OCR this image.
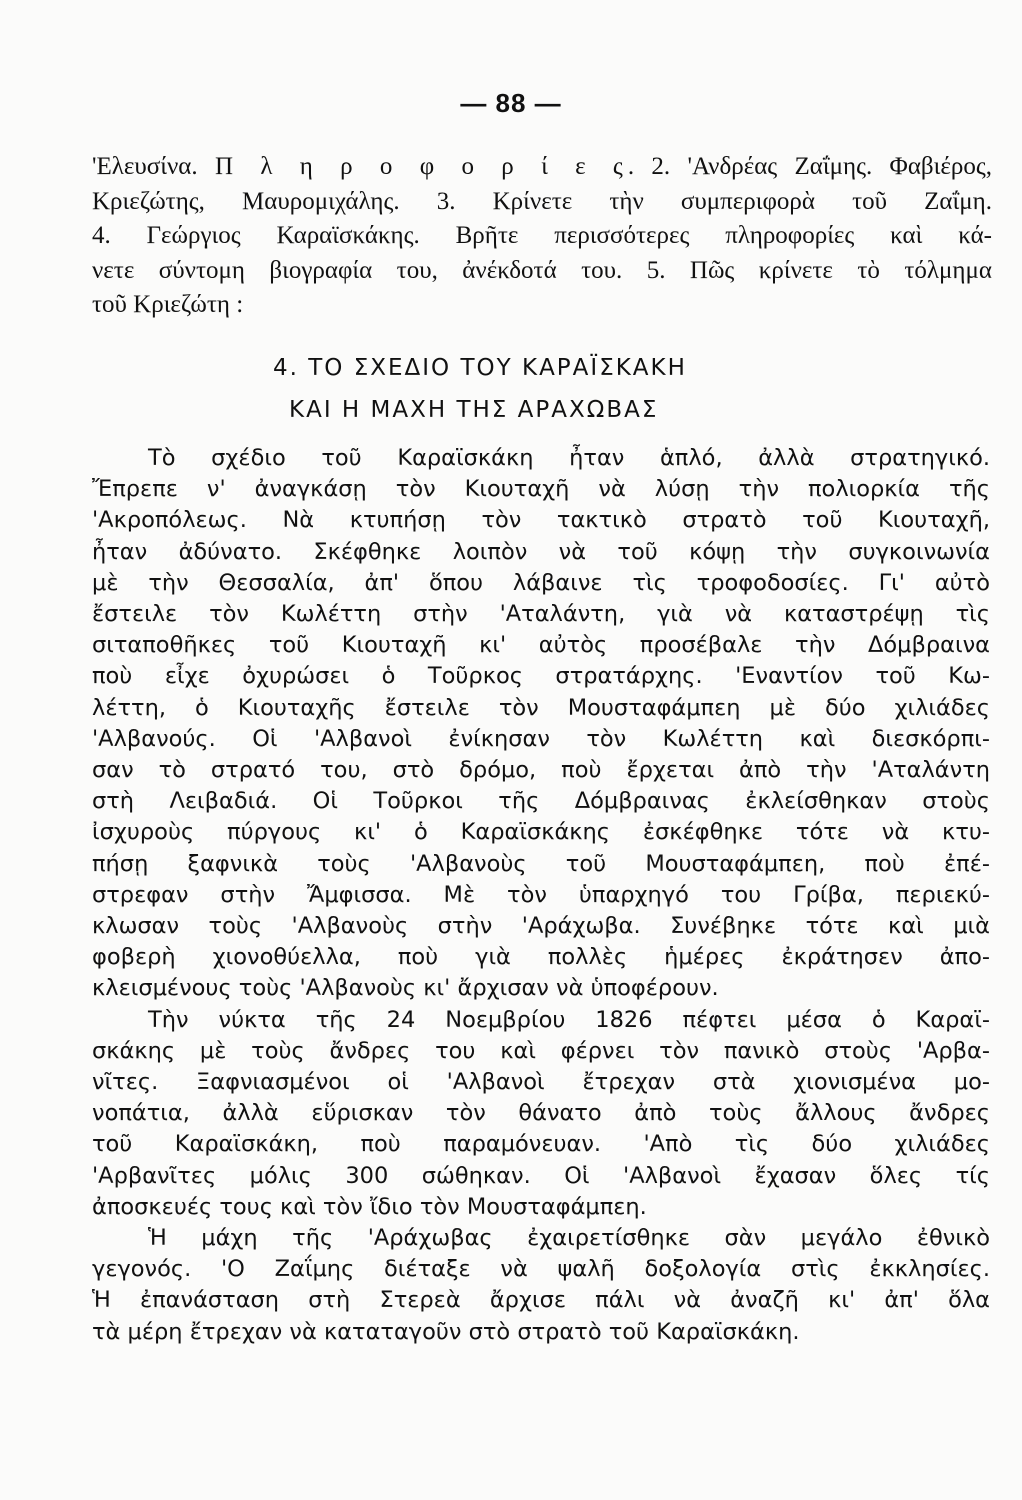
— 88 —
'Ελευσίνα. Π λ η ρ ο φ ο ρ ί ε ς. 2. 'Ανδρέας Ζαΐμης. Φαβιέρος,
Κριεζώτης, Μαυρομιχάλης. 3. Κρίνετε τὴν συμπεριφορὰ τοῦ Ζαΐμη.
4. Γεώργιος Καραϊσκάκης. Βρῆτε περισσότερες πληροφορίες καὶ κά-
νετε σύντομη βιογραφία του, ἀνέκδοτά του. 5. Πῶς κρίνετε τὸ τόλμημα
τοῦ Κριεζώτη :
4. ΤΟ ΣΧΕΔΙΟ ΤΟΥ ΚΑΡΑΪΣΚΑΚΗ
ΚΑΙ Η ΜΑΧΗ ΤΗΣ ΑΡΑΧΩΒΑΣ
Τὸ σχέδιο τοῦ Καραϊσκάκη ἦταν ἁπλό, ἀλλὰ στρατηγικό.
Ἔπρεπε ν' ἀναγκάσῃ τὸν Κιουταχῆ νὰ λύσῃ τὴν πολιορκία τῆς
'Ακροπόλεως. Νὰ κτυπήσῃ τὸν τακτικὸ στρατὸ τοῦ Κιουταχῆ,
ἦταν ἀδύνατο. Σκέφθηκε λοιπὸν νὰ τοῦ κόψῃ τὴν συγκοινωνία
μὲ τὴν Θεσσαλία, ἀπ' ὅπου λάβαινε τὶς τροφοδοσίες. Γι' αὐτὸ
ἔστειλε τὸν Κωλέττη στὴν 'Αταλάντη, γιὰ νὰ καταστρέψῃ τὶς
σιταποθῆκες τοῦ Κιουταχῆ κι' αὐτὸς προσέβαλε τὴν Δόμβραινα
ποὺ εἶχε ὀχυρώσει ὁ Τοῦρκος στρατάρχης. 'Εναντίον τοῦ Κω-
λέττη, ὁ Κιουταχῆς ἔστειλε τὸν Μουσταφάμπεη μὲ δύο χιλιάδες
'Αλβανούς. Οἱ 'Αλβανοὶ ἐνίκησαν τὸν Κωλέττη καὶ διεσκόρπι-
σαν τὸ στρατό του, στὸ δρόμο, ποὺ ἔρχεται ἀπὸ τὴν 'Αταλάντη
στὴ Λειβαδιά. Οἱ Τοῦρκοι τῆς Δόμβραινας ἐκλείσθηκαν στοὺς
ἰσχυροὺς πύργους κι' ὁ Καραϊσκάκης ἐσκέφθηκε τότε νὰ κτυ-
πήσῃ ξαφνικὰ τοὺς 'Αλβανοὺς τοῦ Μουσταφάμπεη, ποὺ ἐπέ-
στρεφαν στὴν Ἄμφισσα. Μὲ τὸν ὑπαρχηγό του Γρίβα, περιεκύ-
κλωσαν τοὺς 'Αλβανοὺς στὴν 'Αράχωβα. Συνέβηκε τότε καὶ μιὰ
φοβερὴ χιονοθύελλα, ποὺ γιὰ πολλὲς ἡμέρες ἐκράτησεν ἀπο-
κλεισμένους τοὺς 'Αλβανοὺς κι' ἄρχισαν νὰ ὑποφέρουν.
Τὴν νύκτα τῆς 24 Νοεμβρίου 1826 πέφτει μέσα ὁ Καραϊ-
σκάκης μὲ τοὺς ἄνδρες του καὶ φέρνει τὸν πανικὸ στοὺς 'Αρβα-
νῖτες. Ξαφνιασμένοι οἱ 'Αλβανοὶ ἔτρεχαν στὰ χιονισμένα μο-
νοπάτια, ἀλλὰ εὕρισκαν τὸν θάνατο ἀπὸ τοὺς ἄλλους ἄνδρες
τοῦ Καραϊσκάκη, ποὺ παραμόνευαν. 'Απὸ τὶς δύο χιλιάδες
'Αρβανῖτες μόλις 300 σώθηκαν. Οἱ 'Αλβανοὶ ἔχασαν ὅλες τίς
ἀποσκευές τους καὶ τὸν ἴδιο τὸν Μουσταφάμπεη.
Ἡ μάχη τῆς 'Αράχωβας ἐχαιρετίσθηκε σὰν μεγάλο ἐθνικὸ
γεγονός. 'Ο Ζαΐμης διέταξε νὰ ψαλῆ δοξολογία στὶς ἐκκλησίες.
Ἡ ἐπανάσταση στὴ Στερεὰ ἄρχισε πάλι νὰ ἀναζῆ κι' ἀπ' ὅλα
τὰ μέρη ἔτρεχαν νὰ καταταγοῦν στὸ στρατὸ τοῦ Καραϊσκάκη.
